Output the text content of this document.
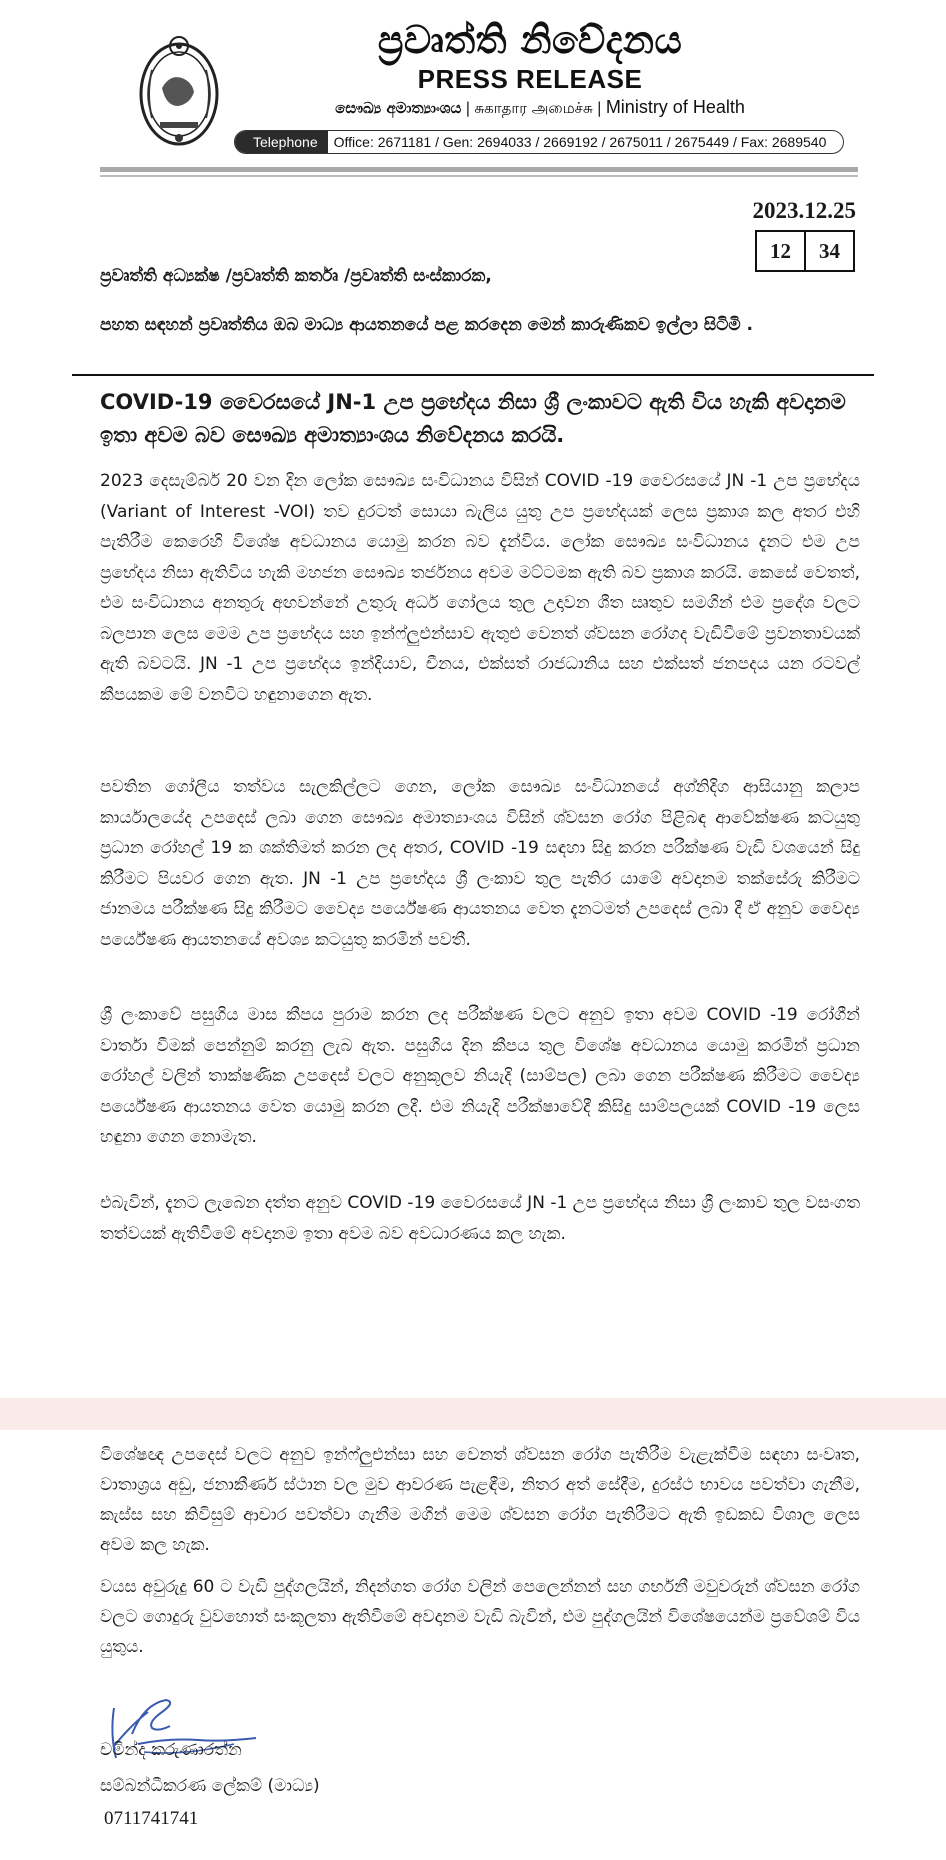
ප්‍රවෘත්ති නිවේදනය
PRESS RELEASE
සෞඛ්‍ය අමාත්‍යාංශය | சுகாதார அமைச்சு | Ministry of Health
Telephone	Office: 2671181 / Gen: 2694033 / 2669192 / 2675011 / 2675449 / Fax: 2689540
2023.12.25
12	34
ප්‍රවෘත්ති අධ්‍යක්ෂ /ප්‍රවෘත්ති කර්තෘ /ප්‍රවෘත්ති සංස්කාරක,
පහත සඳහන් ප්‍රවෘත්තිය ඔබ මාධ්‍ය ආයතනයේ පළ කරදෙන මෙන් කාරුණිකව ඉල්ලා සිටිමි .
COVID-19 වෛරසයේ JN-1 උප ප්‍රභේදය නිසා ශ්‍රී ලංකාවට ඇති විය හැකි අවදානම ඉතා අවම බව සෞඛ්‍ය අමාත්‍යාංශය නිවේදනය කරයි.
2023 දෙසැම්බර් 20 වන දින ලෝක සෞඛ්‍ය සංවිධානය විසින් COVID -19 වෛරසයේ JN -1 උප ප්‍රභේදය (Variant of Interest -VOI) තව දුරටත් සොයා බැලිය යුතු උප ප්‍රභේදයක් ලෙස ප්‍රකාශ කල අතර එහි පැතිරීම කෙරෙහි විශේෂ අවධානය යොමු කරන බව දැන්විය. ලෝක සෞඛ්‍ය සංවිධානය දැනට එම උප ප්‍රභේදය නිසා ඇතිවිය හැකි මහජන සෞඛ්‍ය තර්ජනය අවම මට්ටමක ඇති බව ප්‍රකාශ කරයි. කෙසේ වෙතත්, එම සංවිධානය අනතුරු අඟවන්නේ උතුරු අර්ධ ගෝලය තුල උදාවන ශීත ඍතුව සමගින් එම ප්‍රදේශ වලට බලපාන ලෙස මෙම උප ප්‍රභේදය සහ ඉන්ෆ්ලුඑන්සාව ඇතුළු වෙනත් ශ්වසන රෝගද වැඩිවීමේ ප්‍රවනතාවයක් ඇති බවටයි. JN -1 උප ප්‍රභේදය ඉන්දියාව, චීනය, එක්සත් රාජධානිය සහ එක්සත් ජනපදය යන රටවල් කීපයකම මේ වනවිට හඳුනාගෙන ඇත.
පවතින ගෝලීය තත්වය සැලකිල්ලට ගෙන, ලෝක සෞඛ්‍ය සංවිධානයේ අග්නිදිග ආසියානු කලාප කාර්යාලයේද උපදෙස් ලබා ගෙන සෞඛ්‍ය අමාත්‍යාංශය විසින් ශ්වසන රෝග පිළිබඳ ආවේක්ෂණ කටයුතු ප්‍රධාන රෝහල් 19 ක ශක්තිමත් කරන ලද අතර, COVID -19 සඳහා සිදු කරන පරීක්ෂණ වැඩි වශයෙන් සිදු කිරීමට පියවර ගෙන ඇත. JN -1 උප ප්‍රභේදය ශ්‍රී ලංකාව තුල පැතිර යාමේ අවදානම තක්සේරු කිරීමට ජානමය පරීක්ෂණ සිදු කිරීමට වෛද්‍ය පර්යේෂණ ආයතනය වෙත දැනටමත් උපදෙස් ලබා දී ඒ අනුව වෛද්‍ය පර්යේෂණ ආයතනයේ අවශ්‍ය කටයුතු කරමින් පවතී.
ශ්‍රී ලංකාවේ පසුගිය මාස කීපය පුරාම කරන ලද පරීක්ෂණ වලට අනුව ඉතා අවම COVID -19 රෝගීන් වාර්තා වීමක් පෙන්නුම් කරනු ලැබ ඇත. පසුගිය දින කීපය තුල විශේෂ අවධානය යොමු කරමින් ප්‍රධාන රෝහල් වලින් තාක්ෂණික උපදෙස් වලට අනුකූලව නියැදි (සාම්පල) ලබා ගෙන පරීක්ෂණ කිරීමට වෛද්‍ය පර්යේෂණ ආයතනය වෙත යොමු කරන ලදී. එම නියැදි පරීක්ෂාවේදී කිසිදු සාම්පලයක් COVID -19 ලෙස හඳුනා ගෙන නොමැත.
එබැවින්, දැනට ලැබෙන දත්ත අනුව COVID -19 වෛරසයේ JN -1 උප ප්‍රභේදය නිසා ශ්‍රී ලංකාව තුල වසංගත තත්වයක් ඇතිවීමේ අවදානම ඉතා අවම බව අවධාරණය කල හැක.
විශේෂඥ උපදෙස් වලට අනුව ඉන්ෆ්ලුඑන්සා සහ වෙනත් ශ්වසන රෝග පැතිරීම වැළැක්වීම සඳහා සංවෘත, වාතාශ්‍රය අඩු, ජනාකීර්ණ ස්ථාන වල මුව ආවරණ පැළඳීම, නිතර අත් සේදීම, දුරස්ථ භාවය පවත්වා ගැනීම, කැස්ස සහ කිවිසුම් ආචාර පවත්වා ගැනීම මගින් මෙම ශ්වසන රෝග පැතිරීමට ඇති ඉඩකඩ විශාල ලෙස අවම කල හැක.
වයස අවුරුදු 60 ට වැඩි පුද්ගලයින්, නිදන්ගත රෝග වලින් පෙලෙන්නන් සහ ගර්භනී මවුවරුන් ශ්වසන රෝග වලට ගොදුරු වුවහොත් සංකූලතා ඇතිවීමේ අවදානම වැඩි බැවින්, එම පුද්ගලයින් විශේෂයෙන්ම ප්‍රවේශම් විය යුතුය.
චමින්ද කරුණාරත්න
සම්බන්ධීකරණ ලේකම් (මාධ්‍ය)
0711741741
